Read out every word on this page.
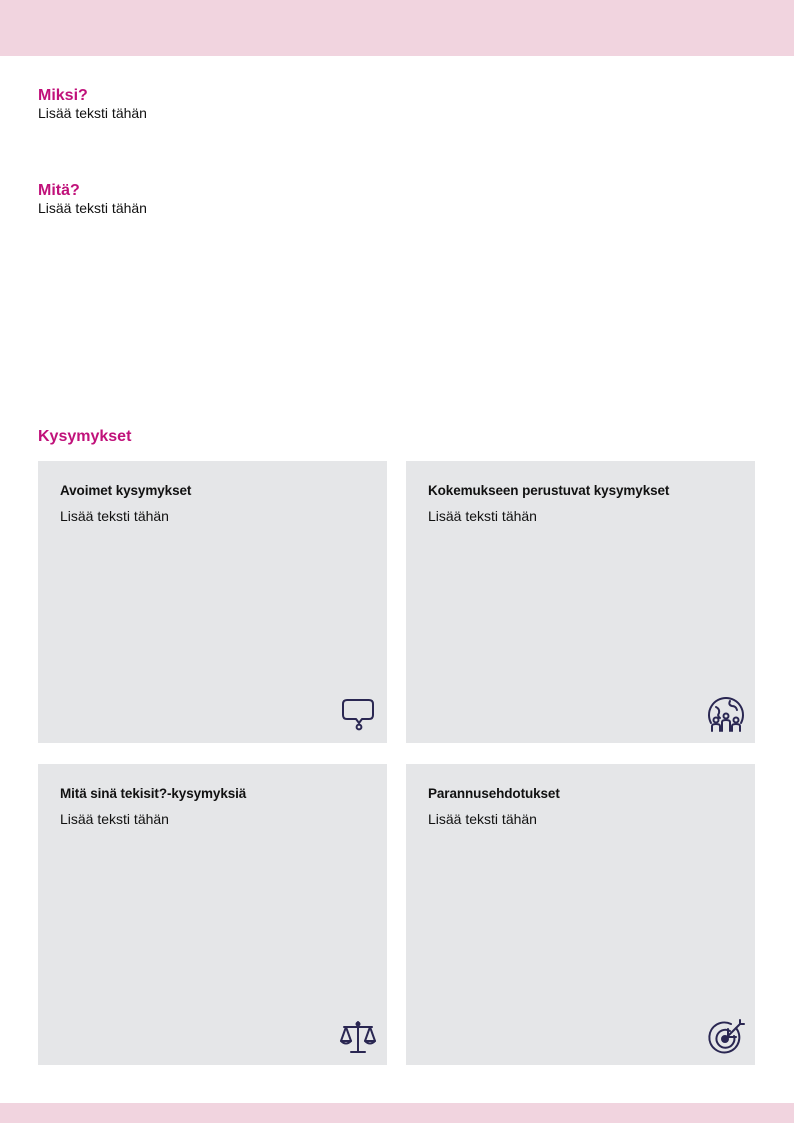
Miksi?

Lisää teksti tähän

Mitä?

Lisää teksti tähän

Kysymykset

Avoimet kysymykset

Lisää teksti tähän

Kokemukseen perustuvat kysymykset

Lisää teksti tähän

Mitä sinä tekisit?-kysymyksiä

Lisää teksti tähän

Parannusehdotukset

Lisää teksti tähän
